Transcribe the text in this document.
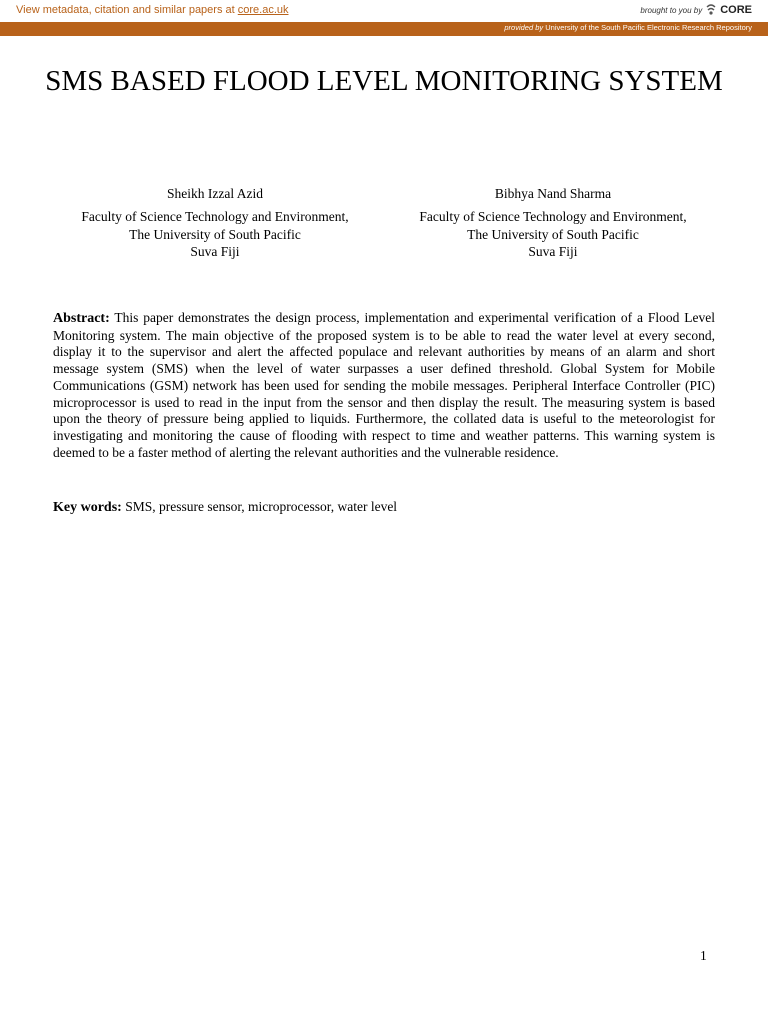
View metadata, citation and similar papers at core.ac.uk	brought to you by CORE
provided by University of the South Pacific Electronic Research Repository
SMS BASED FLOOD LEVEL MONITORING SYSTEM
Sheikh Izzal Azid
Faculty of Science Technology and Environment,
The University of South Pacific
Suva Fiji
Bibhya Nand Sharma
Faculty of Science Technology and Environment,
The University of South Pacific
Suva Fiji

Abstract: This paper demonstrates the design process, implementation and experimental verification of a Flood Level Monitoring system. The main objective of the proposed system is to be able to read the water level at every second, display it to the supervisor and alert the affected populace and relevant authorities by means of an alarm and short message system (SMS) when the level of water surpasses a user defined threshold. Global System for Mobile Communications (GSM) network has been used for sending the mobile messages. Peripheral Interface Controller (PIC) microprocessor is used to read in the input from the sensor and then display the result. The measuring system is based upon the theory of pressure being applied to liquids. Furthermore, the collated data is useful to the meteorologist for investigating and monitoring the cause of flooding with respect to time and weather patterns. This warning system is deemed to be a faster method of alerting the relevant authorities and the vulnerable residence.

Key words: SMS, pressure sensor, microprocessor, water level

1
